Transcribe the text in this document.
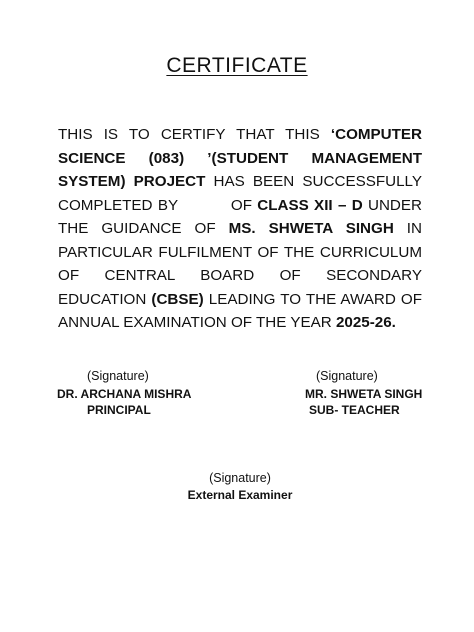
CERTIFICATE
THIS IS TO CERTIFY THAT THIS ‘COMPUTER SCIENCE (083) ’(STUDENT MANAGEMENT SYSTEM) PROJECT HAS BEEN SUCCESSFULLY COMPLETED BY          OF CLASS XII – D UNDER THE GUIDANCE OF MS. SHWETA SINGH IN PARTICULAR FULFILMENT OF THE CURRICULUM OF CENTRAL BOARD OF SECONDARY EDUCATION (CBSE) LEADING TO THE AWARD OF ANNUAL EXAMINATION OF THE YEAR 2025-26.
(Signature)
DR. ARCHANA MISHRA
PRINCIPAL
(Signature)
MR. SHWETA SINGH
SUB- TEACHER
(Signature)
External Examiner
